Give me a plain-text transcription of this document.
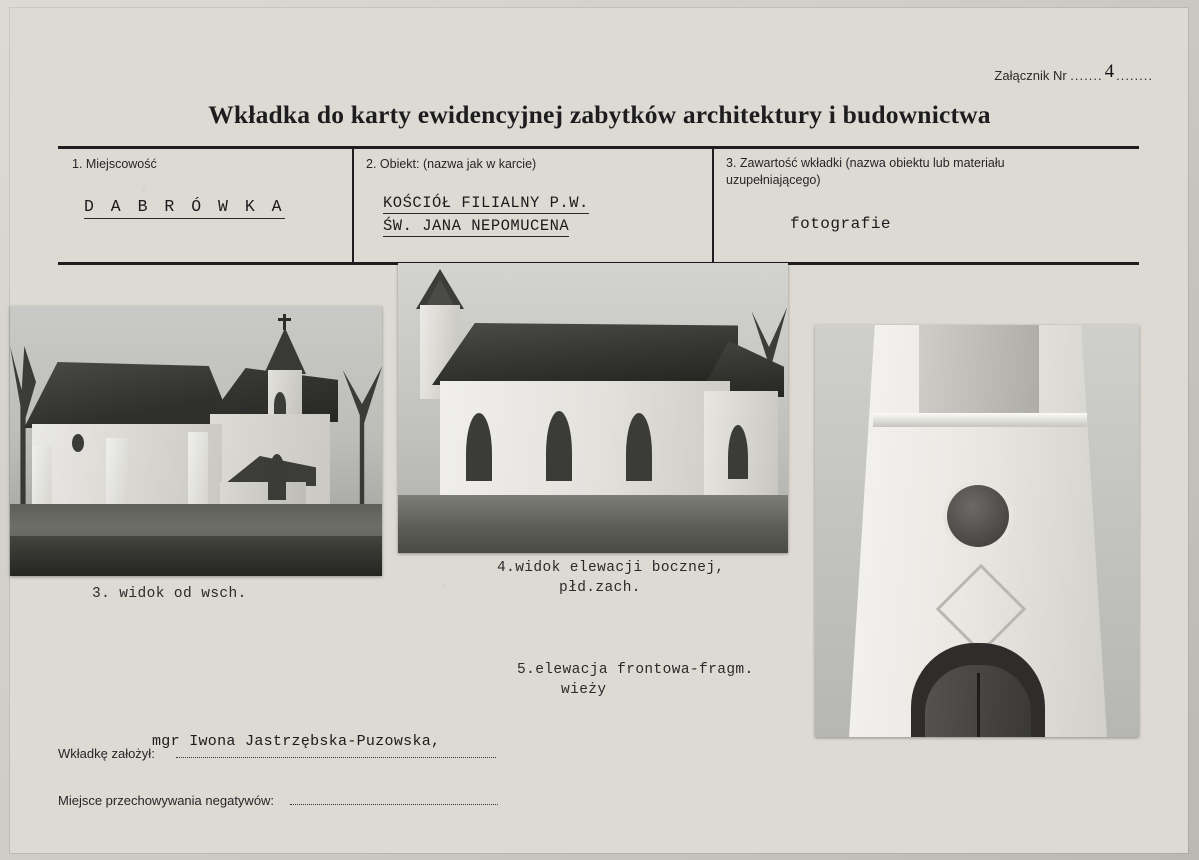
Załącznik Nr ....... 4 ........
Wkładka do karty ewidencyjnej zabytków architektury i budownictwa
1. Miejscowość
D A B R Ó W K A
2. Obiekt: (nazwa jak w karcie)
KOŚCIÓŁ FILIALNY P.W.
ŚW. JANA NEPOMUCENA
3. Zawartość wkładki (nazwa obiektu lub materiału
uzupełniającego)
fotografie
3. widok od wsch.
4.widok elewacji bocznej,
płd.zach.
5.elewacja frontowa-fragm.
wieży
mgr Iwona Jastrzębska-Puzowska,
Wkładkę założył:
Miejsce przechowywania negatywów:
